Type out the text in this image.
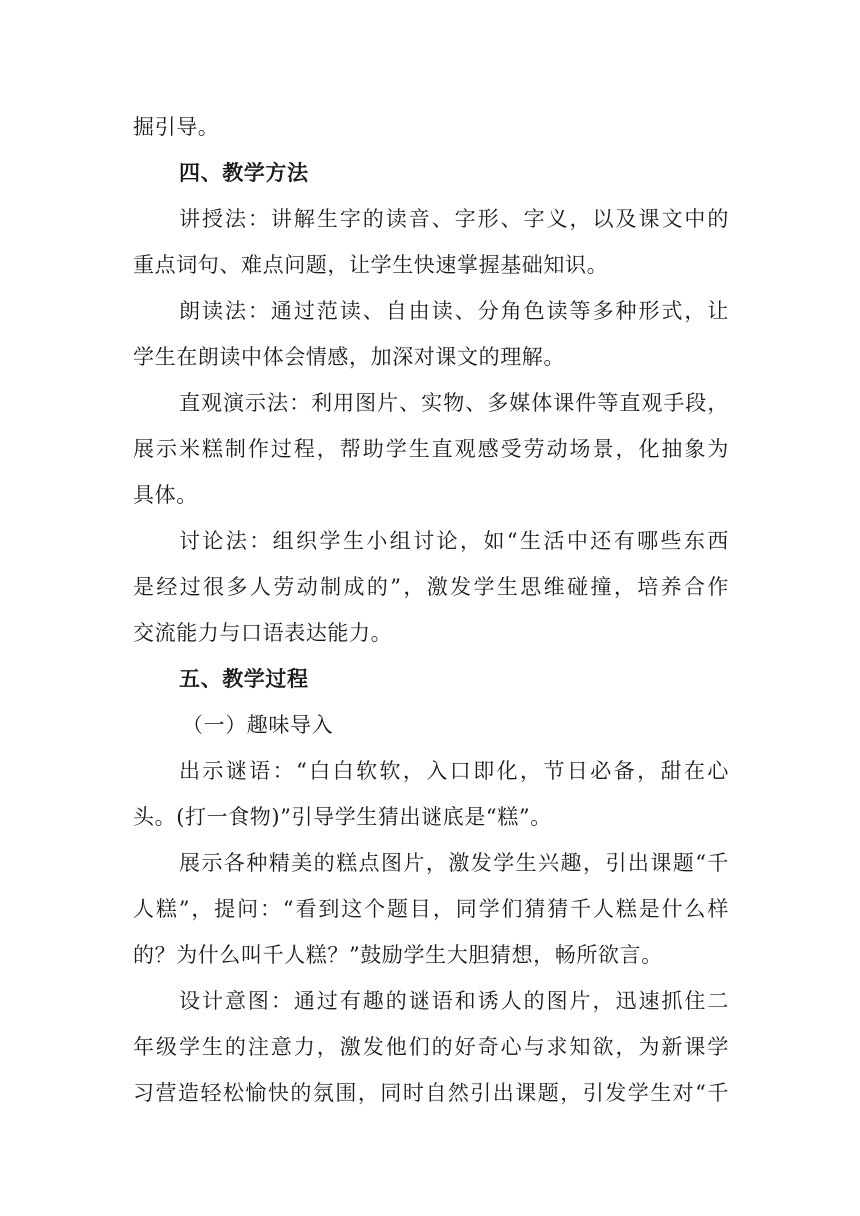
掘引导。
四、教学方法
讲授法：讲解生字的读音、字形、字义，以及课文中的
重点词句、难点问题，让学生快速掌握基础知识。
朗读法：通过范读、自由读、分角色读等多种形式，让
学生在朗读中体会情感，加深对课文的理解。
直观演示法：利用图片、实物、多媒体课件等直观手段，
展示米糕制作过程，帮助学生直观感受劳动场景，化抽象为
具体。
讨论法：组织学生小组讨论，如“生活中还有哪些东西
是经过很多人劳动制成的”，激发学生思维碰撞，培养合作
交流能力与口语表达能力。
五、教学过程
（一）趣味导入
出示谜语：“白白软软，入口即化，节日必备，甜在心
头。(打一食物)”引导学生猜出谜底是“糕”。
展示各种精美的糕点图片，激发学生兴趣，引出课题“千
人糕”，提问：“看到这个题目，同学们猜猜千人糕是什么样
的？为什么叫千人糕？”鼓励学生大胆猜想，畅所欲言。
设计意图：通过有趣的谜语和诱人的图片，迅速抓住二
年级学生的注意力，激发他们的好奇心与求知欲，为新课学
习营造轻松愉快的氛围，同时自然引出课题，引发学生对“千
